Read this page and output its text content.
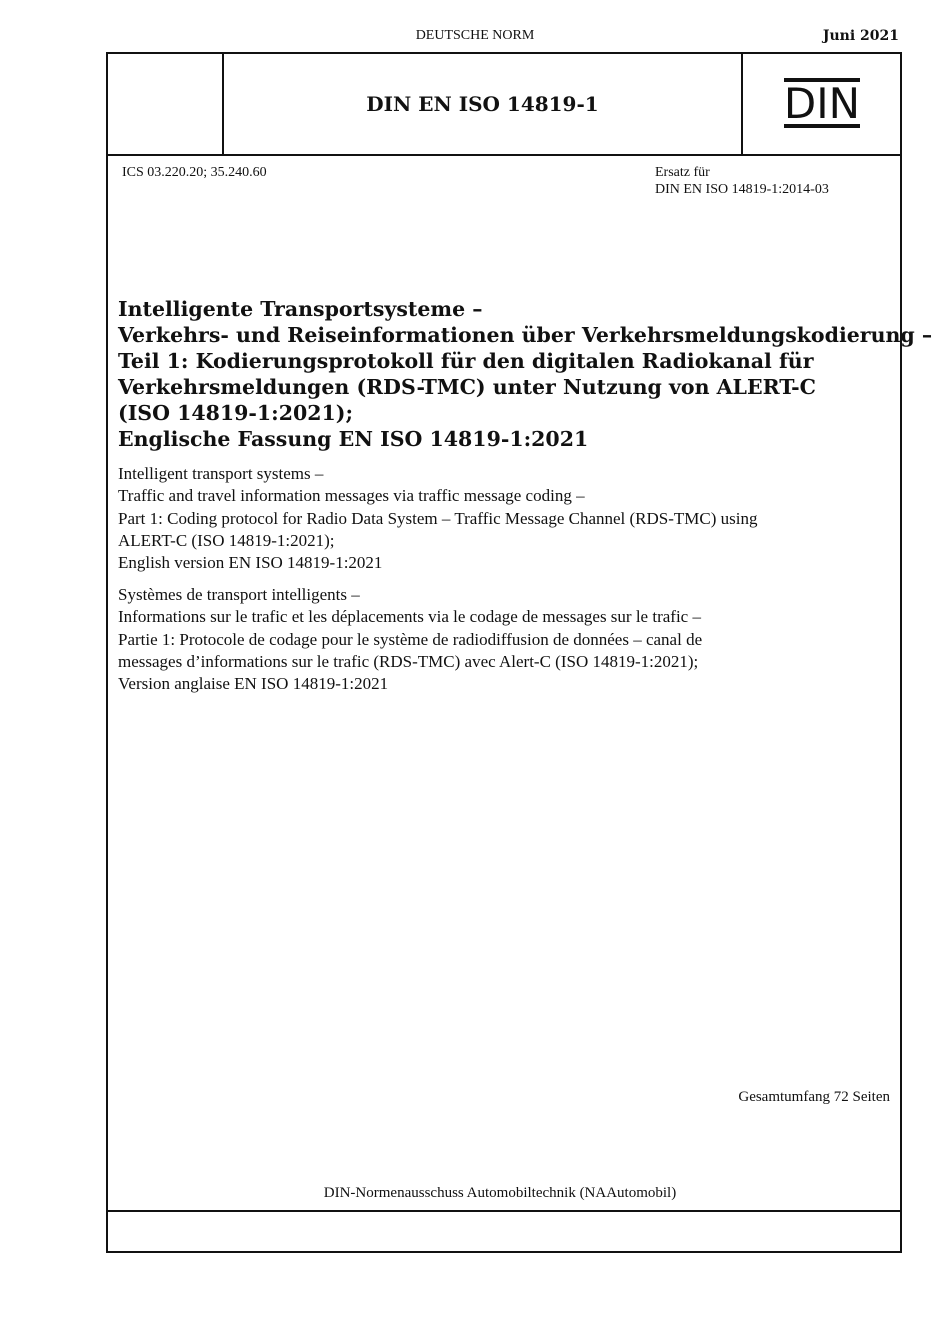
DEUTSCHE NORM	Juni 2021
DIN EN ISO 14819-1	DIN
ICS 03.220.20; 35.240.60	Ersatz für
DIN EN ISO 14819-1:2014-03
Intelligente Transportsysteme –
Verkehrs- und Reiseinformationen über Verkehrsmeldungskodierung –
Teil 1: Kodierungsprotokoll für den digitalen Radiokanal für
Verkehrsmeldungen (RDS-TMC) unter Nutzung von ALERT-C
(ISO 14819-1:2021);
Englische Fassung EN ISO 14819-1:2021
Intelligent transport systems –
Traffic and travel information messages via traffic message coding –
Part 1: Coding protocol for Radio Data System – Traffic Message Channel (RDS-TMC) using
ALERT-C (ISO 14819-1:2021);
English version EN ISO 14819-1:2021
Systèmes de transport intelligents –
Informations sur le trafic et les déplacements via le codage de messages sur le trafic –
Partie 1: Protocole de codage pour le système de radiodiffusion de données – canal de
messages d’informations sur le trafic (RDS-TMC) avec Alert-C (ISO 14819-1:2021);
Version anglaise EN ISO 14819-1:2021
Gesamtumfang 72 Seiten
DIN-Normenausschuss Automobiltechnik (NAAutomobil)
